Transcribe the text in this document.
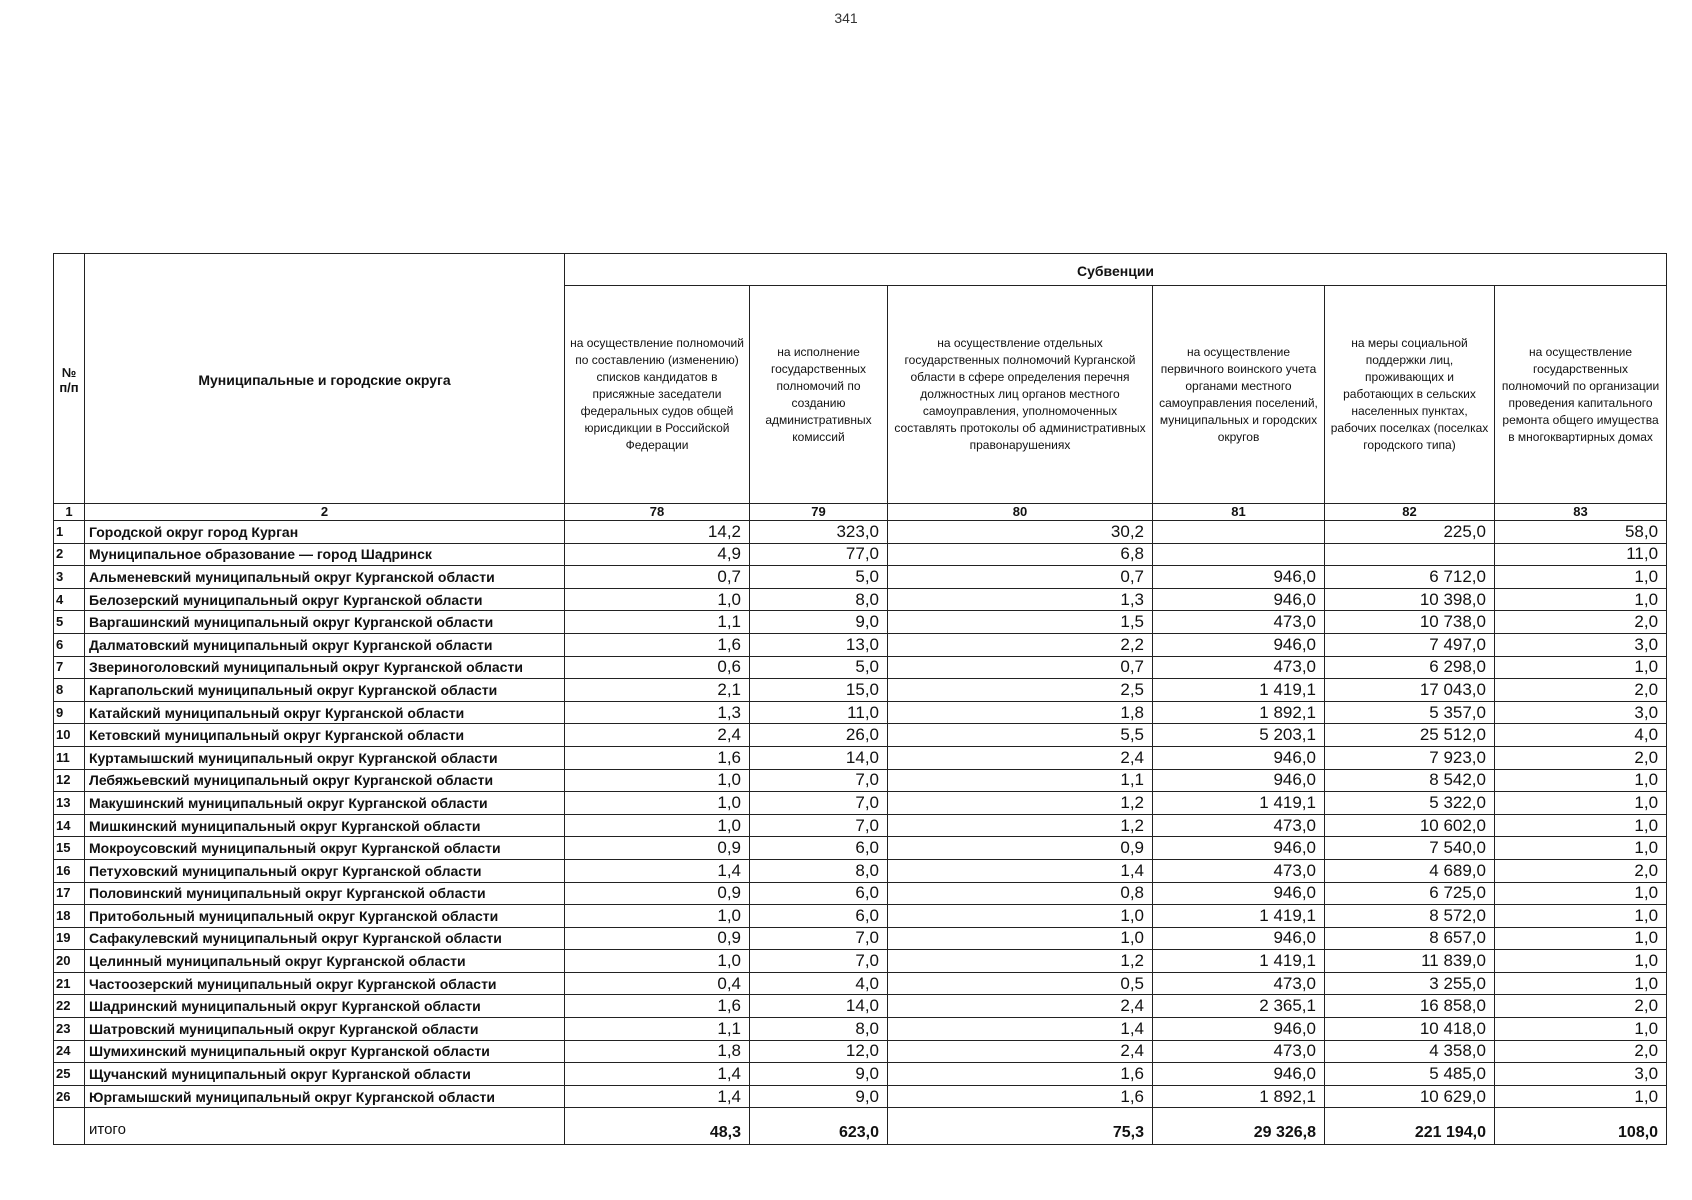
341
№ п/п	Муниципальные и городские округа	Субвенции					
		на осуществление полномочий по составлению (изменению) списков кандидатов в присяжные заседатели федеральных судов общей юрисдикции в Российской Федерации	на исполнение государственных полномочий по созданию административных комиссий	на осуществление отдельных государственных полномочий Курганской области в сфере определения перечня должностных лиц органов местного самоуправления, уполномоченных составлять протоколы об административных правонарушениях	на осуществление первичного воинского учета органами местного самоуправления поселений, муниципальных и городских округов	на меры социальной поддержки лиц, проживающих и работающих в сельских населенных пунктах, рабочих поселках (поселках городского типа)	на осуществление государственных полномочий по организации проведения капитального ремонта общего имущества в многоквартирных домах
1	2	78	79	80	81	82	83
1	Городской округ город Курган	14,2	323,0	30,2		225,0	58,0
2	Муниципальное образование — город Шадринск	4,9	77,0	6,8			11,0
3	Альменевский муниципальный округ Курганской области	0,7	5,0	0,7	946,0	6 712,0	1,0
4	Белозерский муниципальный округ Курганской области	1,0	8,0	1,3	946,0	10 398,0	1,0
5	Варгашинский муниципальный округ Курганской области	1,1	9,0	1,5	473,0	10 738,0	2,0
6	Далматовский муниципальный округ Курганской области	1,6	13,0	2,2	946,0	7 497,0	3,0
7	Звериноголовский муниципальный округ Курганской области	0,6	5,0	0,7	473,0	6 298,0	1,0
8	Каргапольский муниципальный округ Курганской области	2,1	15,0	2,5	1 419,1	17 043,0	2,0
9	Катайский муниципальный округ Курганской области	1,3	11,0	1,8	1 892,1	5 357,0	3,0
10	Кетовский муниципальный округ Курганской области	2,4	26,0	5,5	5 203,1	25 512,0	4,0
11	Куртамышский муниципальный округ Курганской области	1,6	14,0	2,4	946,0	7 923,0	2,0
12	Лебяжьевский муниципальный округ Курганской области	1,0	7,0	1,1	946,0	8 542,0	1,0
13	Макушинский муниципальный округ Курганской области	1,0	7,0	1,2	1 419,1	5 322,0	1,0
14	Мишкинский муниципальный округ Курганской области	1,0	7,0	1,2	473,0	10 602,0	1,0
15	Мокроусовский муниципальный округ Курганской области	0,9	6,0	0,9	946,0	7 540,0	1,0
16	Петуховский муниципальный округ Курганской области	1,4	8,0	1,4	473,0	4 689,0	2,0
17	Половинский муниципальный округ Курганской области	0,9	6,0	0,8	946,0	6 725,0	1,0
18	Притобольный муниципальный округ Курганской области	1,0	6,0	1,0	1 419,1	8 572,0	1,0
19	Сафакулевский муниципальный округ Курганской области	0,9	7,0	1,0	946,0	8 657,0	1,0
20	Целинный муниципальный округ Курганской области	1,0	7,0	1,2	1 419,1	11 839,0	1,0
21	Частоозерский муниципальный округ Курганской области	0,4	4,0	0,5	473,0	3 255,0	1,0
22	Шадринский муниципальный округ Курганской области	1,6	14,0	2,4	2 365,1	16 858,0	2,0
23	Шатровский муниципальный округ Курганской области	1,1	8,0	1,4	946,0	10 418,0	1,0
24	Шумихинский муниципальный округ Курганской области	1,8	12,0	2,4	473,0	4 358,0	2,0
25	Щучанский муниципальный округ Курганской области	1,4	9,0	1,6	946,0	5 485,0	3,0
26	Юргамышский муниципальный округ Курганской области	1,4	9,0	1,6	1 892,1	10 629,0	1,0
	итого	48,3	623,0	75,3	29 326,8	221 194,0	108,0
